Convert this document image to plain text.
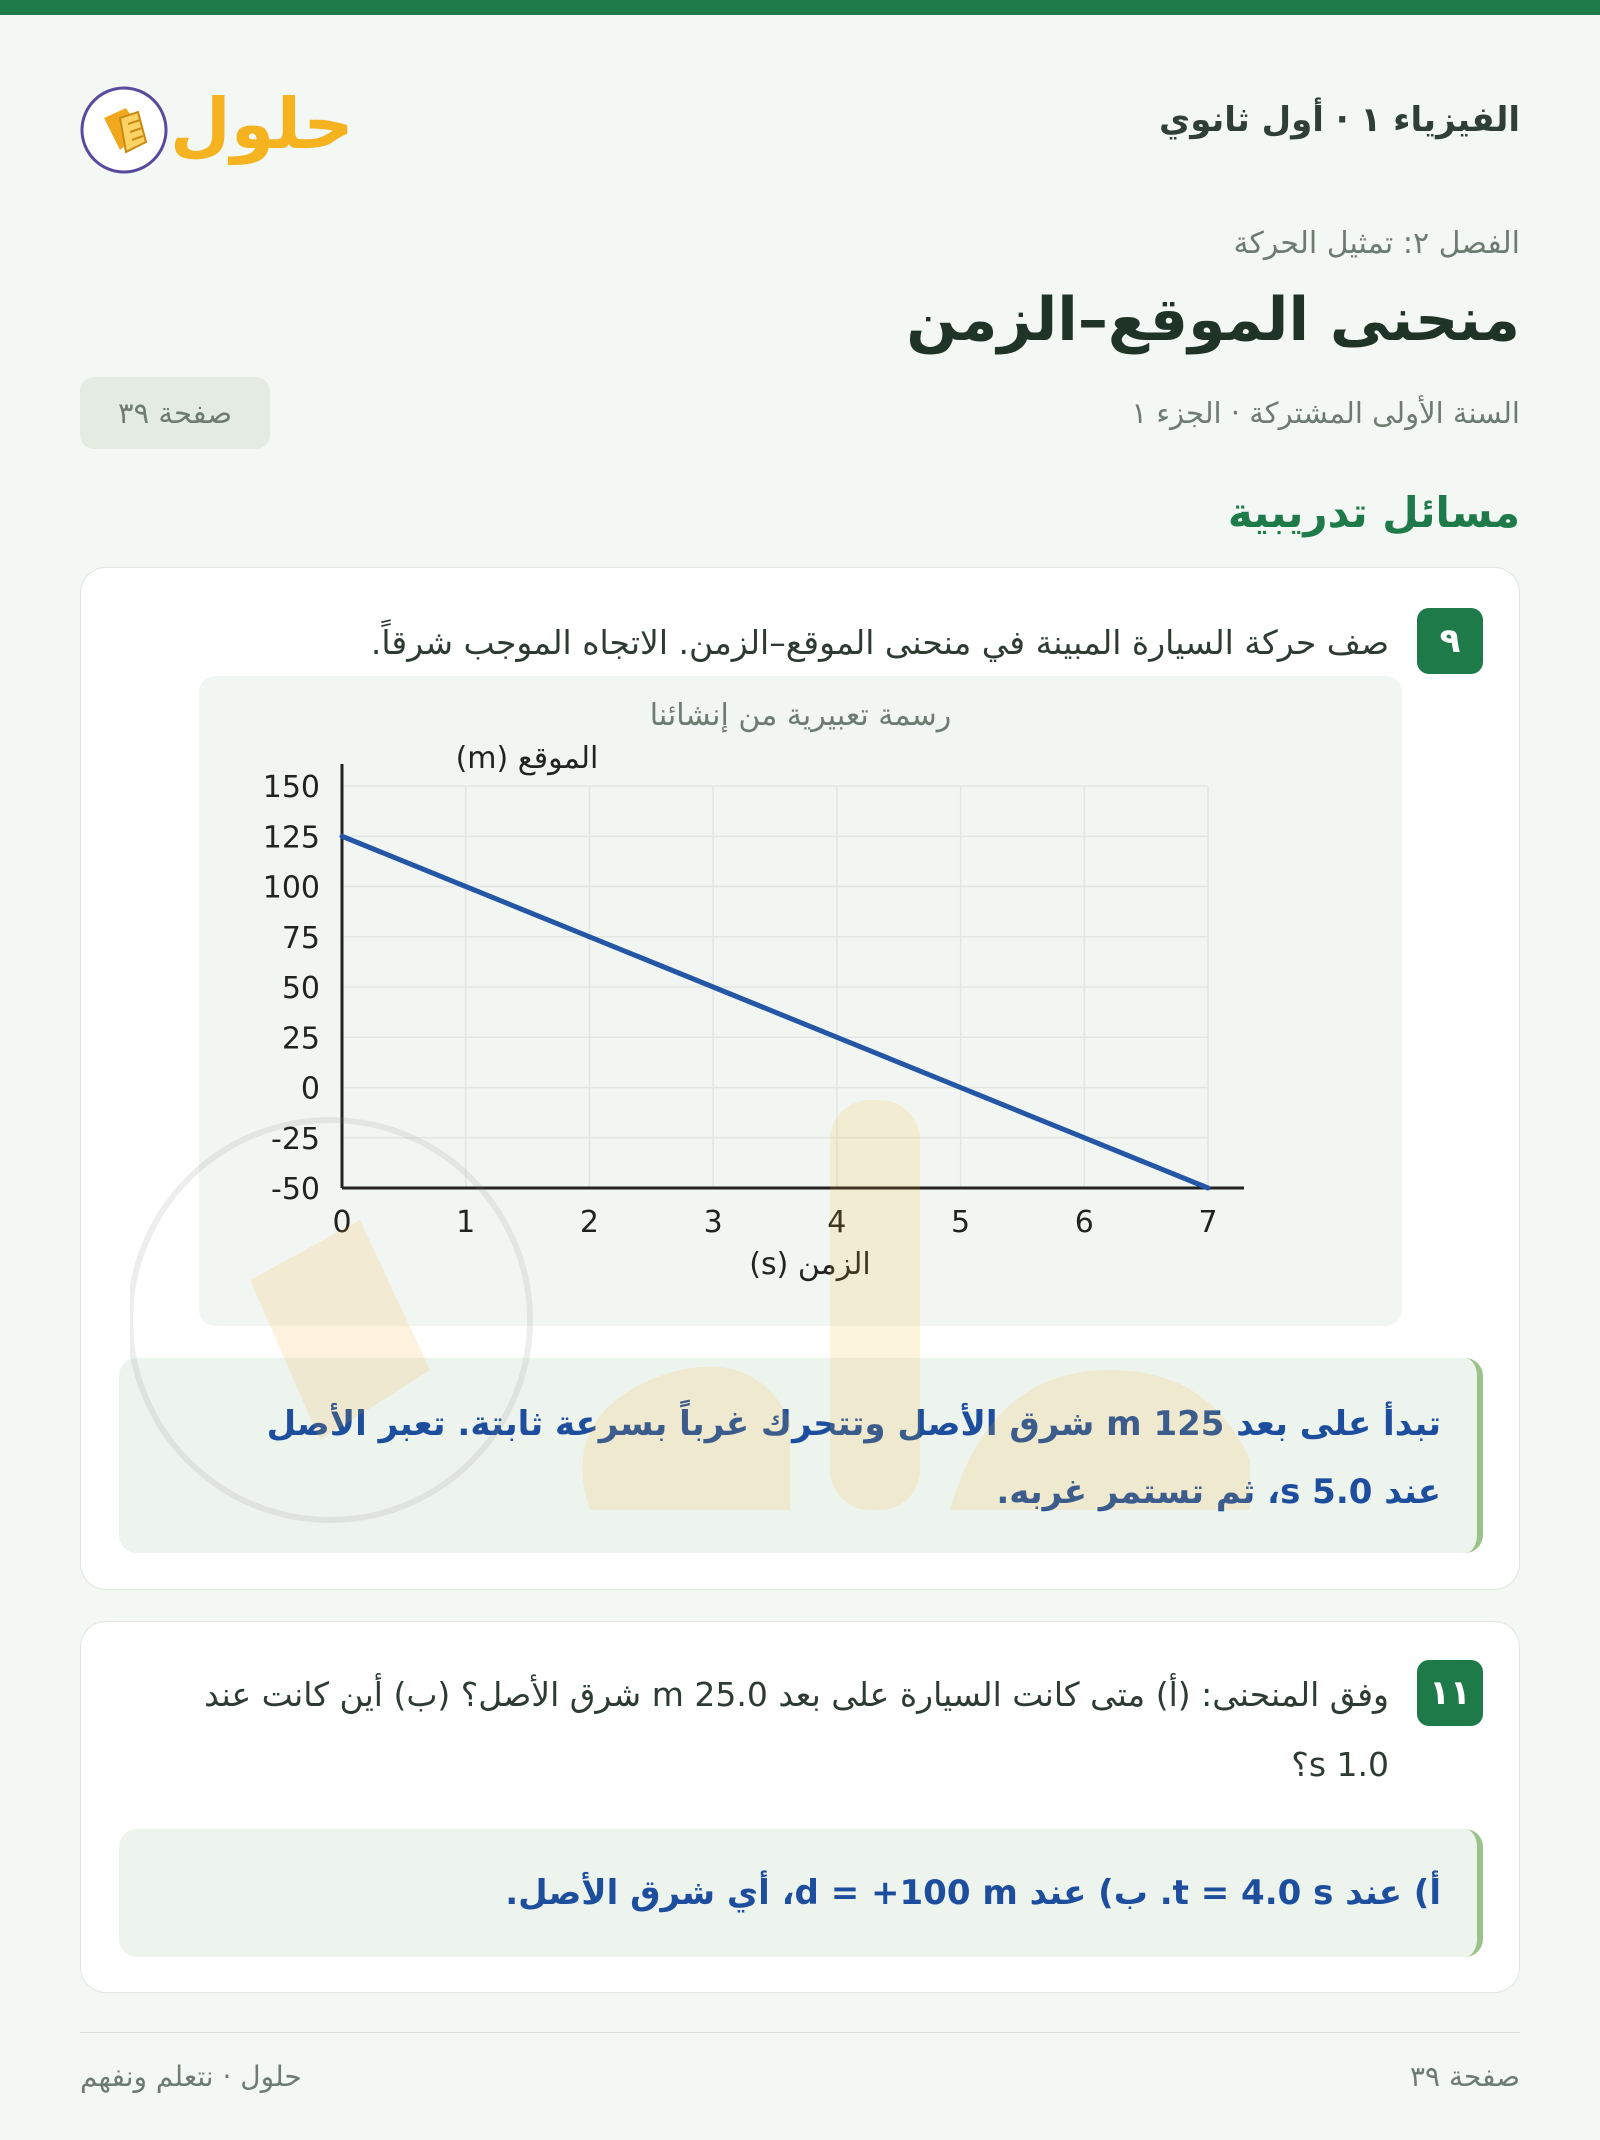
الفيزياء ١ · أول ثانوي
حلول
الفصل ٢: تمثيل الحركة
منحنى الموقع–الزمن
السنة الأولى المشتركة · الجزء ١
صفحة ٣٩
مسائل تدريبية
٩
صف حركة السيارة المبينة في منحنى الموقع–الزمن. الاتجاه الموجب شرقاً.
رسمة تعبيرية من إنشائنا
0	1	2	3	4	5	6	7
150
125
100
75
50
25
0
-25
-50
الموقع (m)
الزمن (s)
تبدأ على بعد 125 m شرق الأصل وتتحرك غرباً بسرعة ثابتة. تعبر الأصل
عند 5.0 s، ثم تستمر غربه.
١١
وفق المنحنى: (أ) متى كانت السيارة على بعد 25.0 m شرق الأصل؟ (ب) أين كانت عند 1.0 s؟
أ) عند t = 4.0 s. ب) عند d = +100 m، أي شرق الأصل.
صفحة ٣٩
حلول · نتعلم ونفهم
